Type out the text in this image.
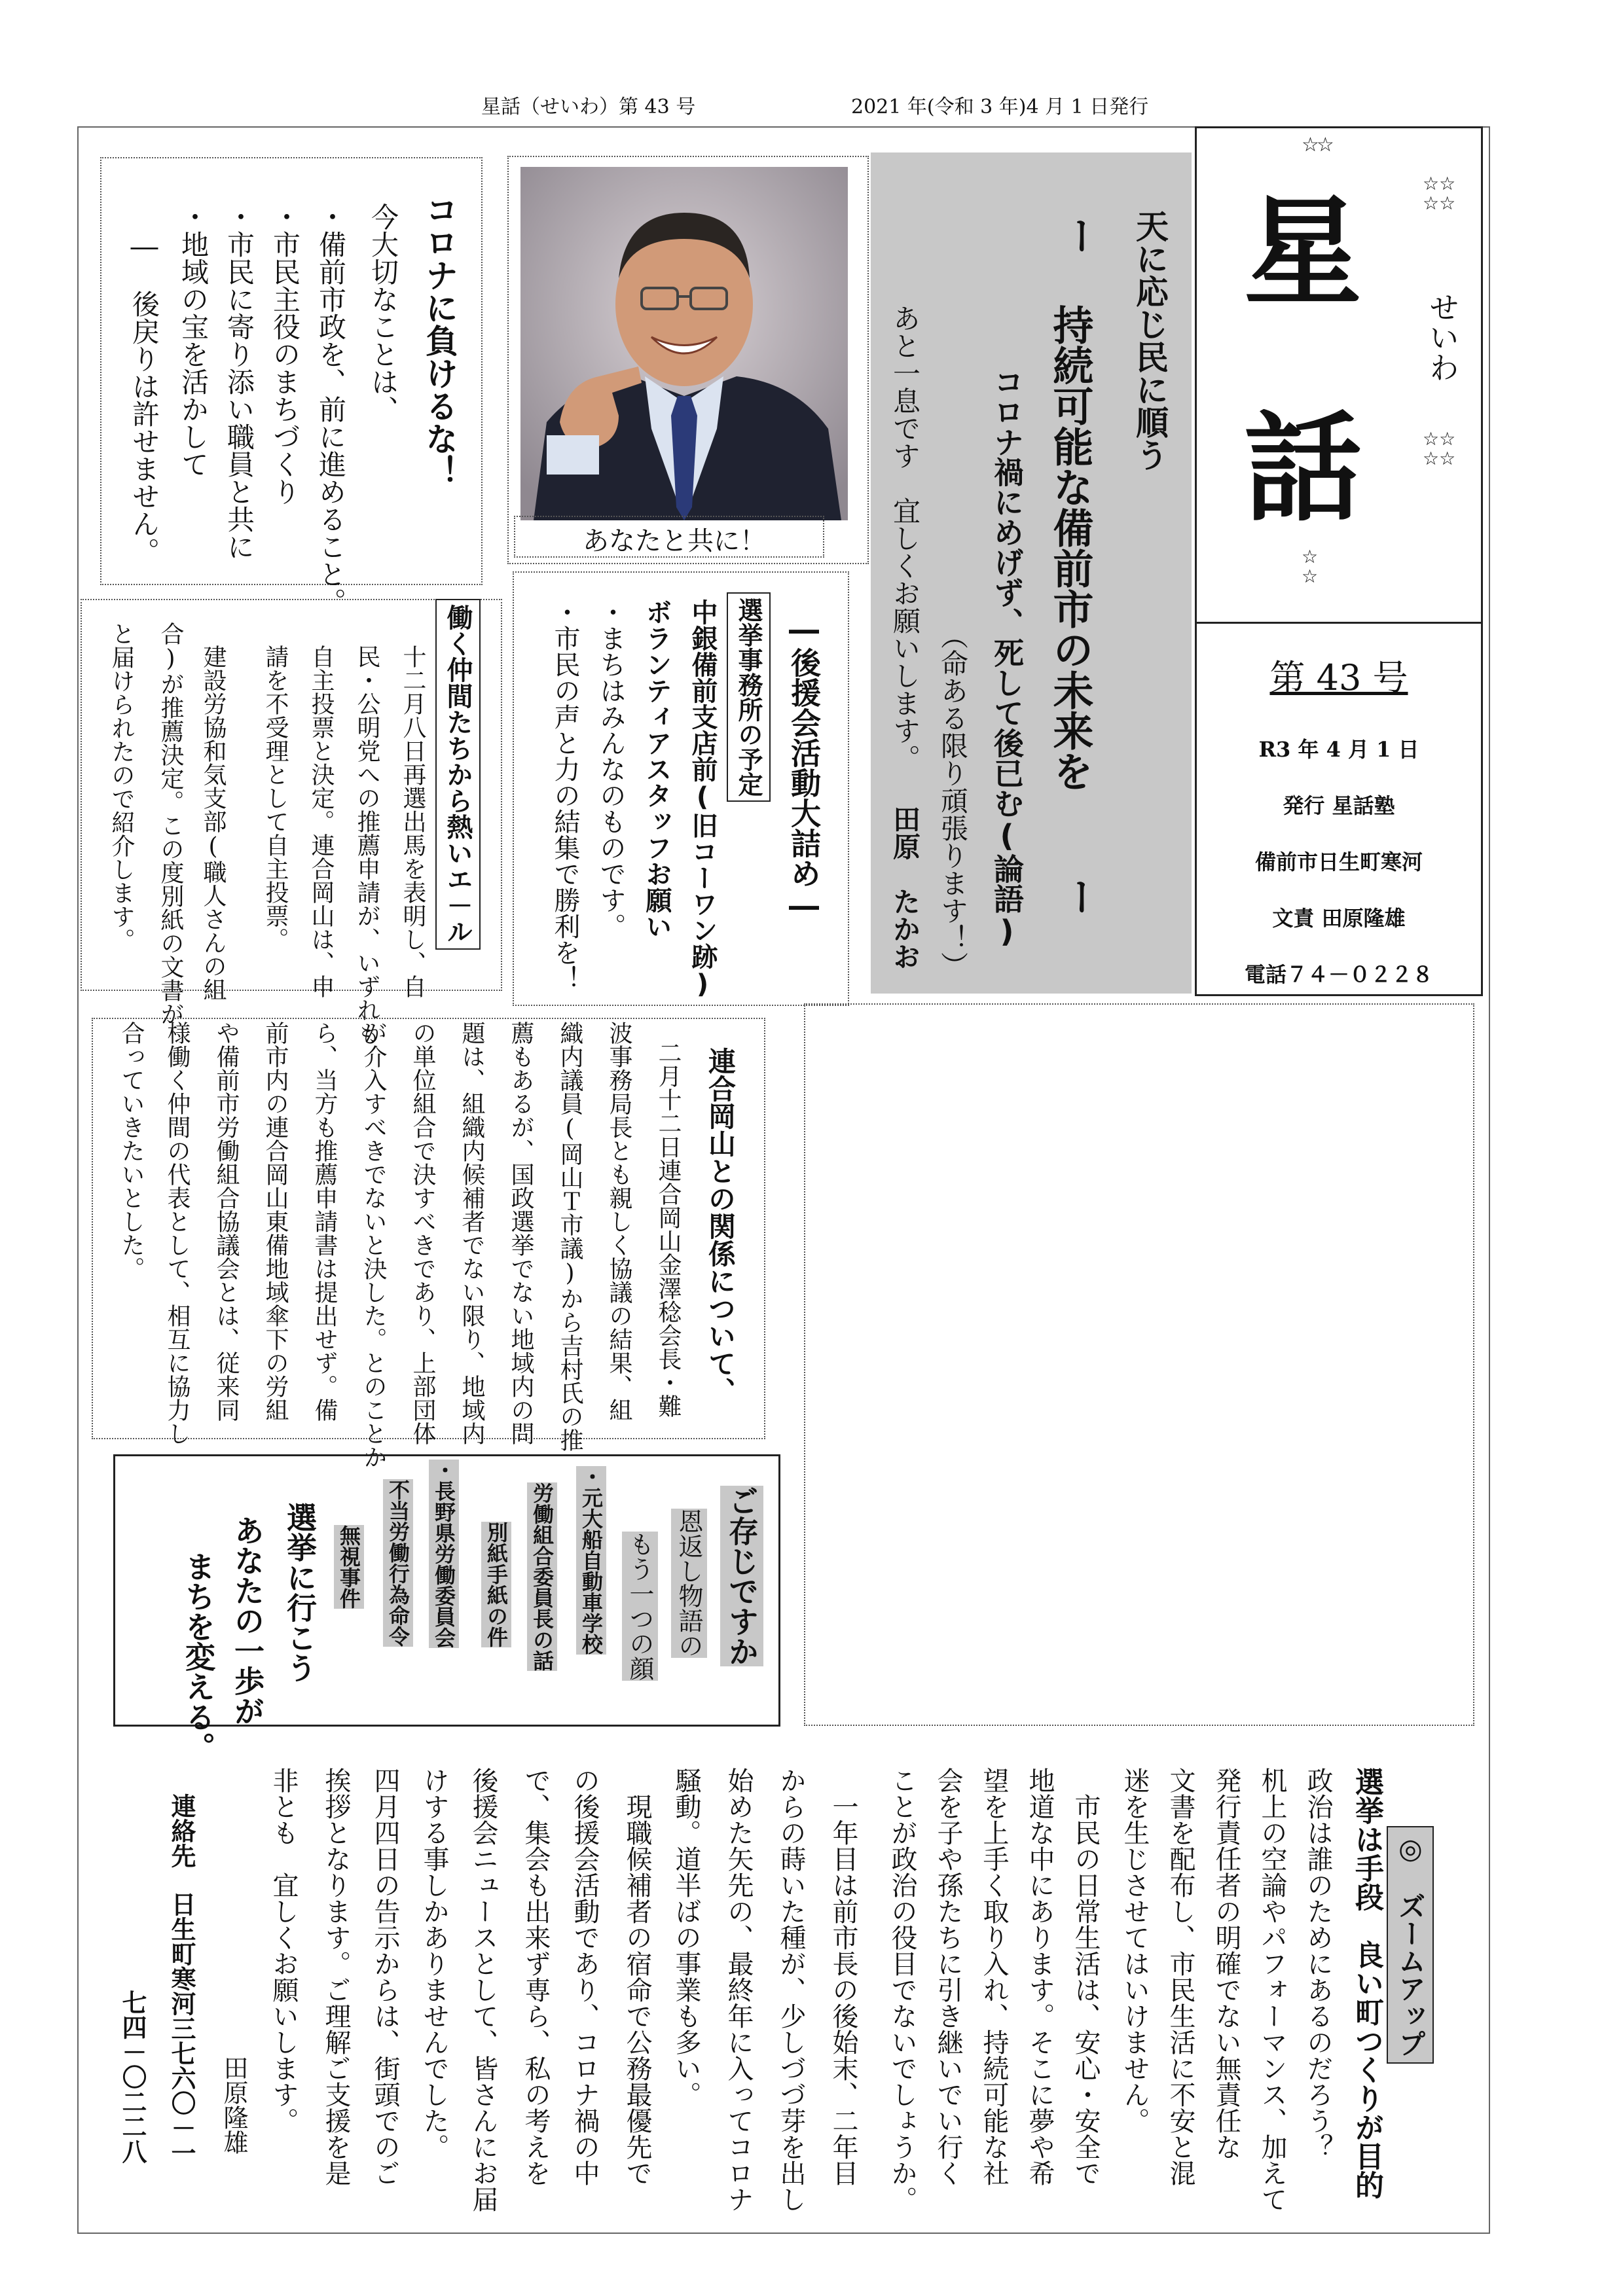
星話（せいわ）第 43 号	2021 年(令和 3 年)4 月 1 日発行
☆☆
☆☆☆☆
星
せいわ
☆☆☆☆
話
☆☆
第 43 号
R3 年 4 月 1 日
発行 星話塾
備前市日生町寒河
文責 田原隆雄
電話７４－０２２８
天に応じ民に順う
ー
持続可能な備前市の未来を
ー
コロナ禍にめげず、死して後已む(論語)
（命ある限り頑張ります！）
あと一息です　宜しくお願いします。
田原　たかお
あなたと共に！
コロナに負けるな！
今大切なことは、
・備前市政を、前に進めること。
・市民主役のまちづくり
・市民に寄り添い職員と共に
・地域の宝を活かして
　―　後戻りは許せません。
―後援会活動大詰め―
選挙事務所の予定
中銀備前支店前(旧コーワン跡)
ボランティアスタッフお願い
・まちはみんなのものです。
・市民の声と力の結集で勝利を！
働く仲間たちから熱いエ－ル
十二月八日再選出馬を表明し、自
民・公明党への推薦申請が、いずれも
自主投票と決定。連合岡山は、申
請を不受理として自主投票。
建設労協和気支部(職人さんの組
合)が推薦決定。この度別紙の文書が
と届けられたので紹介します。
連合岡山との関係について、
二月十二日連合岡山金澤稔会長・難
波事務局長とも親しく協議の結果、組
織内議員(岡山Ｔ市議)から吉村氏の推
薦もあるが、国政選挙でない地域内の問
題は、組織内候補者でない限り、地域内
の単位組合で決すべきであり、上部団体
が介入すべきでないと決した。とのことか
ら、当方も推薦申請書は提出せず。備
前市内の連合岡山東備地域傘下の労組
や備前市労働組合協議会とは、従来同
様働く仲間の代表として、相互に協力し
合っていきたいとした。
ご存じですか
恩返し物語の
もう一つの顔
・元大船自動車学校
労働組合委員長の話
別紙手紙の件
・長野県労働委員会
不当労働行為命令
無視事件
選挙に行こう
あなたの一歩が
まちを変える。
◎　ズームアップ
選挙は手段　良い町つくりが目的
政治は誰のためにあるのだろう？
机上の空論やパフォーマンス、加えて
発行責任者の明確でない無責任な
文書を配布し、市民生活に不安と混
迷を生じさせてはいけません。
　市民の日常生活は、安心・安全で
地道な中にあります。そこに夢や希
望を上手く取り入れ、持続可能な社
会を子や孫たちに引き継いでい行く
ことが政治の役目でないでしょうか。
　一年目は前市長の後始末、二年目
からの蒔いた種が、少しづづ芽を出し
始めた矢先の、最終年に入ってコロナ
騒動。道半ばの事業も多い。
　現職候補者の宿命で公務最優先で
の後援会活動であり、コロナ禍の中
で、集会も出来ず専ら、私の考えを
後援会ニュースとして、皆さんにお届
けする事しかありませんでした。
四月四日の告示からは、街頭でのご
挨拶となります。ご理解ご支援を是
非とも　宜しくお願いします。
田原隆雄
連絡先
日生町寒河三七六〇－一
七四－〇二二八
